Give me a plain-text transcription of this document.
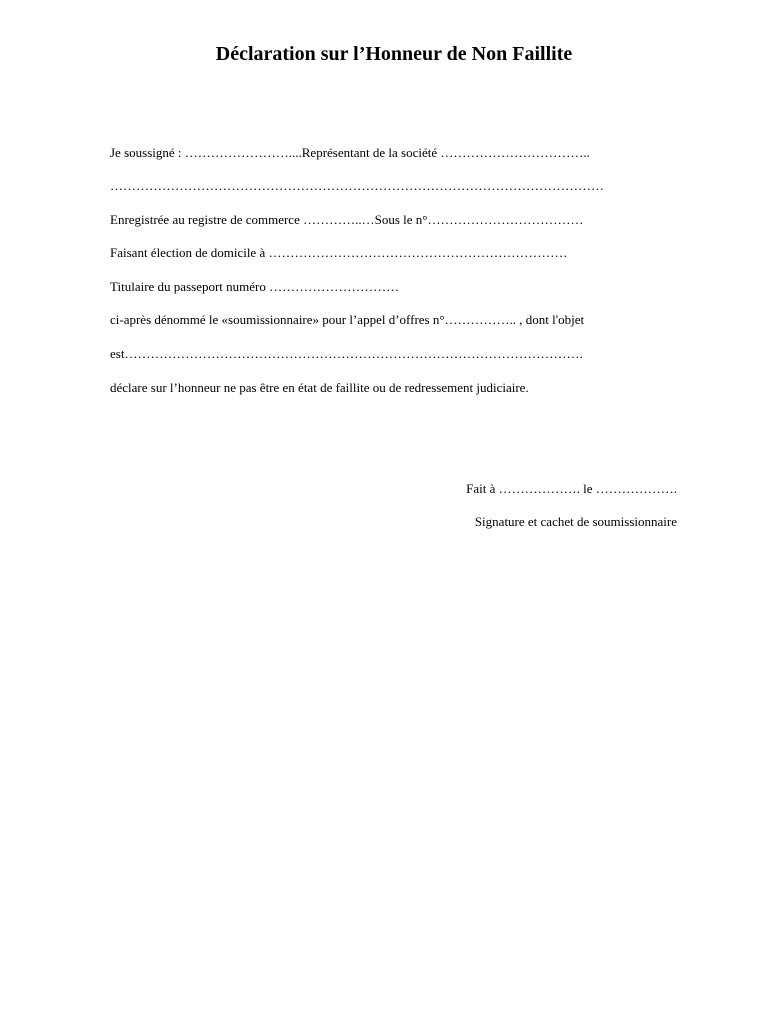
Déclaration sur l’Honneur de Non Faillite
Je soussigné : ……………………....Représentant de la société ……………………………..
……………………………………………………………………………………………………
Enregistrée au registre de commerce …………..…Sous le n°………………………………
Faisant élection de domicile à ……………………………………………………………
Titulaire du passeport numéro …………………………
ci-après dénommé le «soumissionnaire» pour l’appel d’offres n°…………….. , dont l'objet
est…………………………………………………………………………………………….
déclare sur l’honneur ne pas être en état de faillite ou de redressement judiciaire.
Fait à ………………. le ……………….
Signature et cachet de soumissionnaire
